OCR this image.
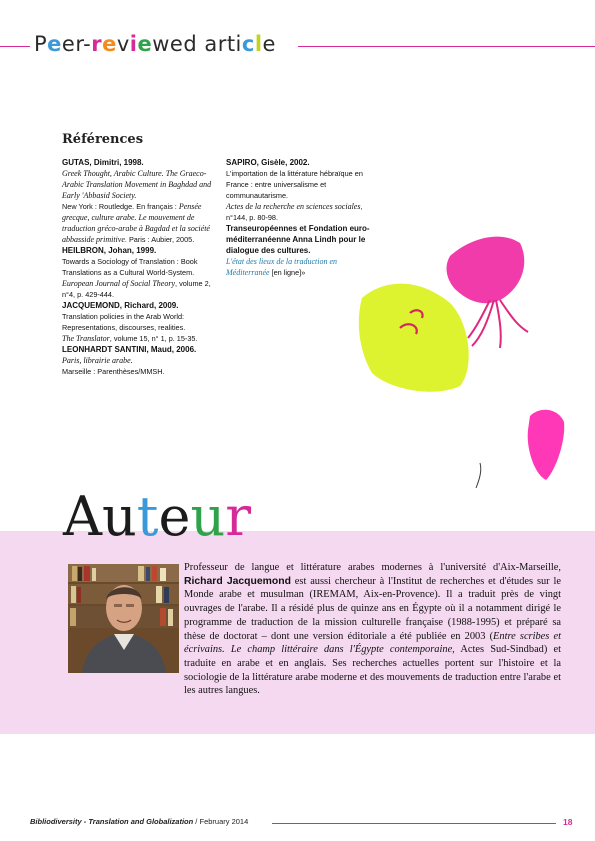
Peer-reviewed article
Références
GUTAS, Dimitri, 1998.
Greek Thought, Arabic Culture. The Graeco-Arabic Translation Movement in Baghdad and Early 'Abbasid Society.
New York : Routledge. En français : Pensée grecque, culture arabe. Le mouvement de traduction gréco-arabe à Bagdad et la société abbasside primitive. Paris : Aubier, 2005.
HEILBRON, Johan, 1999.
Towards a Sociology of Translation : Book Translations as a Cultural World-System.
European Journal of Social Theory, volume 2, n°4, p. 429-444.
JACQUEMOND, Richard, 2009.
Translation policies in the Arab World: Representations, discourses, realities.
The Translator, volume 15, n° 1, p. 15-35.
LEONHARDT SANTINI, Maud, 2006.
Paris, librairie arabe.
Marseille : Parenthèses/MMSH.
SAPIRO, Gisèle, 2002.
L'importation de la littérature hébraïque en France : entre universalisme et communautarisme.
Actes de la recherche en sciences sociales, n°144, p. 80-98.
Transeuropéennes et Fondation euro-méditerranéenne Anna Lindh pour le dialogue des cultures.
L'état des lieux de la traduction en Méditerranée [en ligne]»
Auteur
Professeur de langue et littérature arabes modernes à l'université d'Aix-Marseille, Richard Jacquemond est aussi chercheur à l'Institut de recherches et d'études sur le Monde arabe et musulman (IREMAM, Aix-en-Provence). Il a traduit près de vingt ouvrages de l'arabe. Il a résidé plus de quinze ans en Égypte où il a notamment dirigé le programme de traduction de la mission culturelle française (1988-1995) et préparé sa thèse de doctorat – dont une version éditoriale a été publiée en 2003 (Entre scribes et écrivains. Le champ littéraire dans l'Égypte contemporaine, Actes Sud-Sindbad) et traduite en arabe et en anglais. Ses recherches actuelles portent sur l'histoire et la sociologie de la littérature arabe moderne et des mouvements de traduction entre l'arabe et les autres langues.
Bibliodiversity - Translation and Globalization / February 2014	18
